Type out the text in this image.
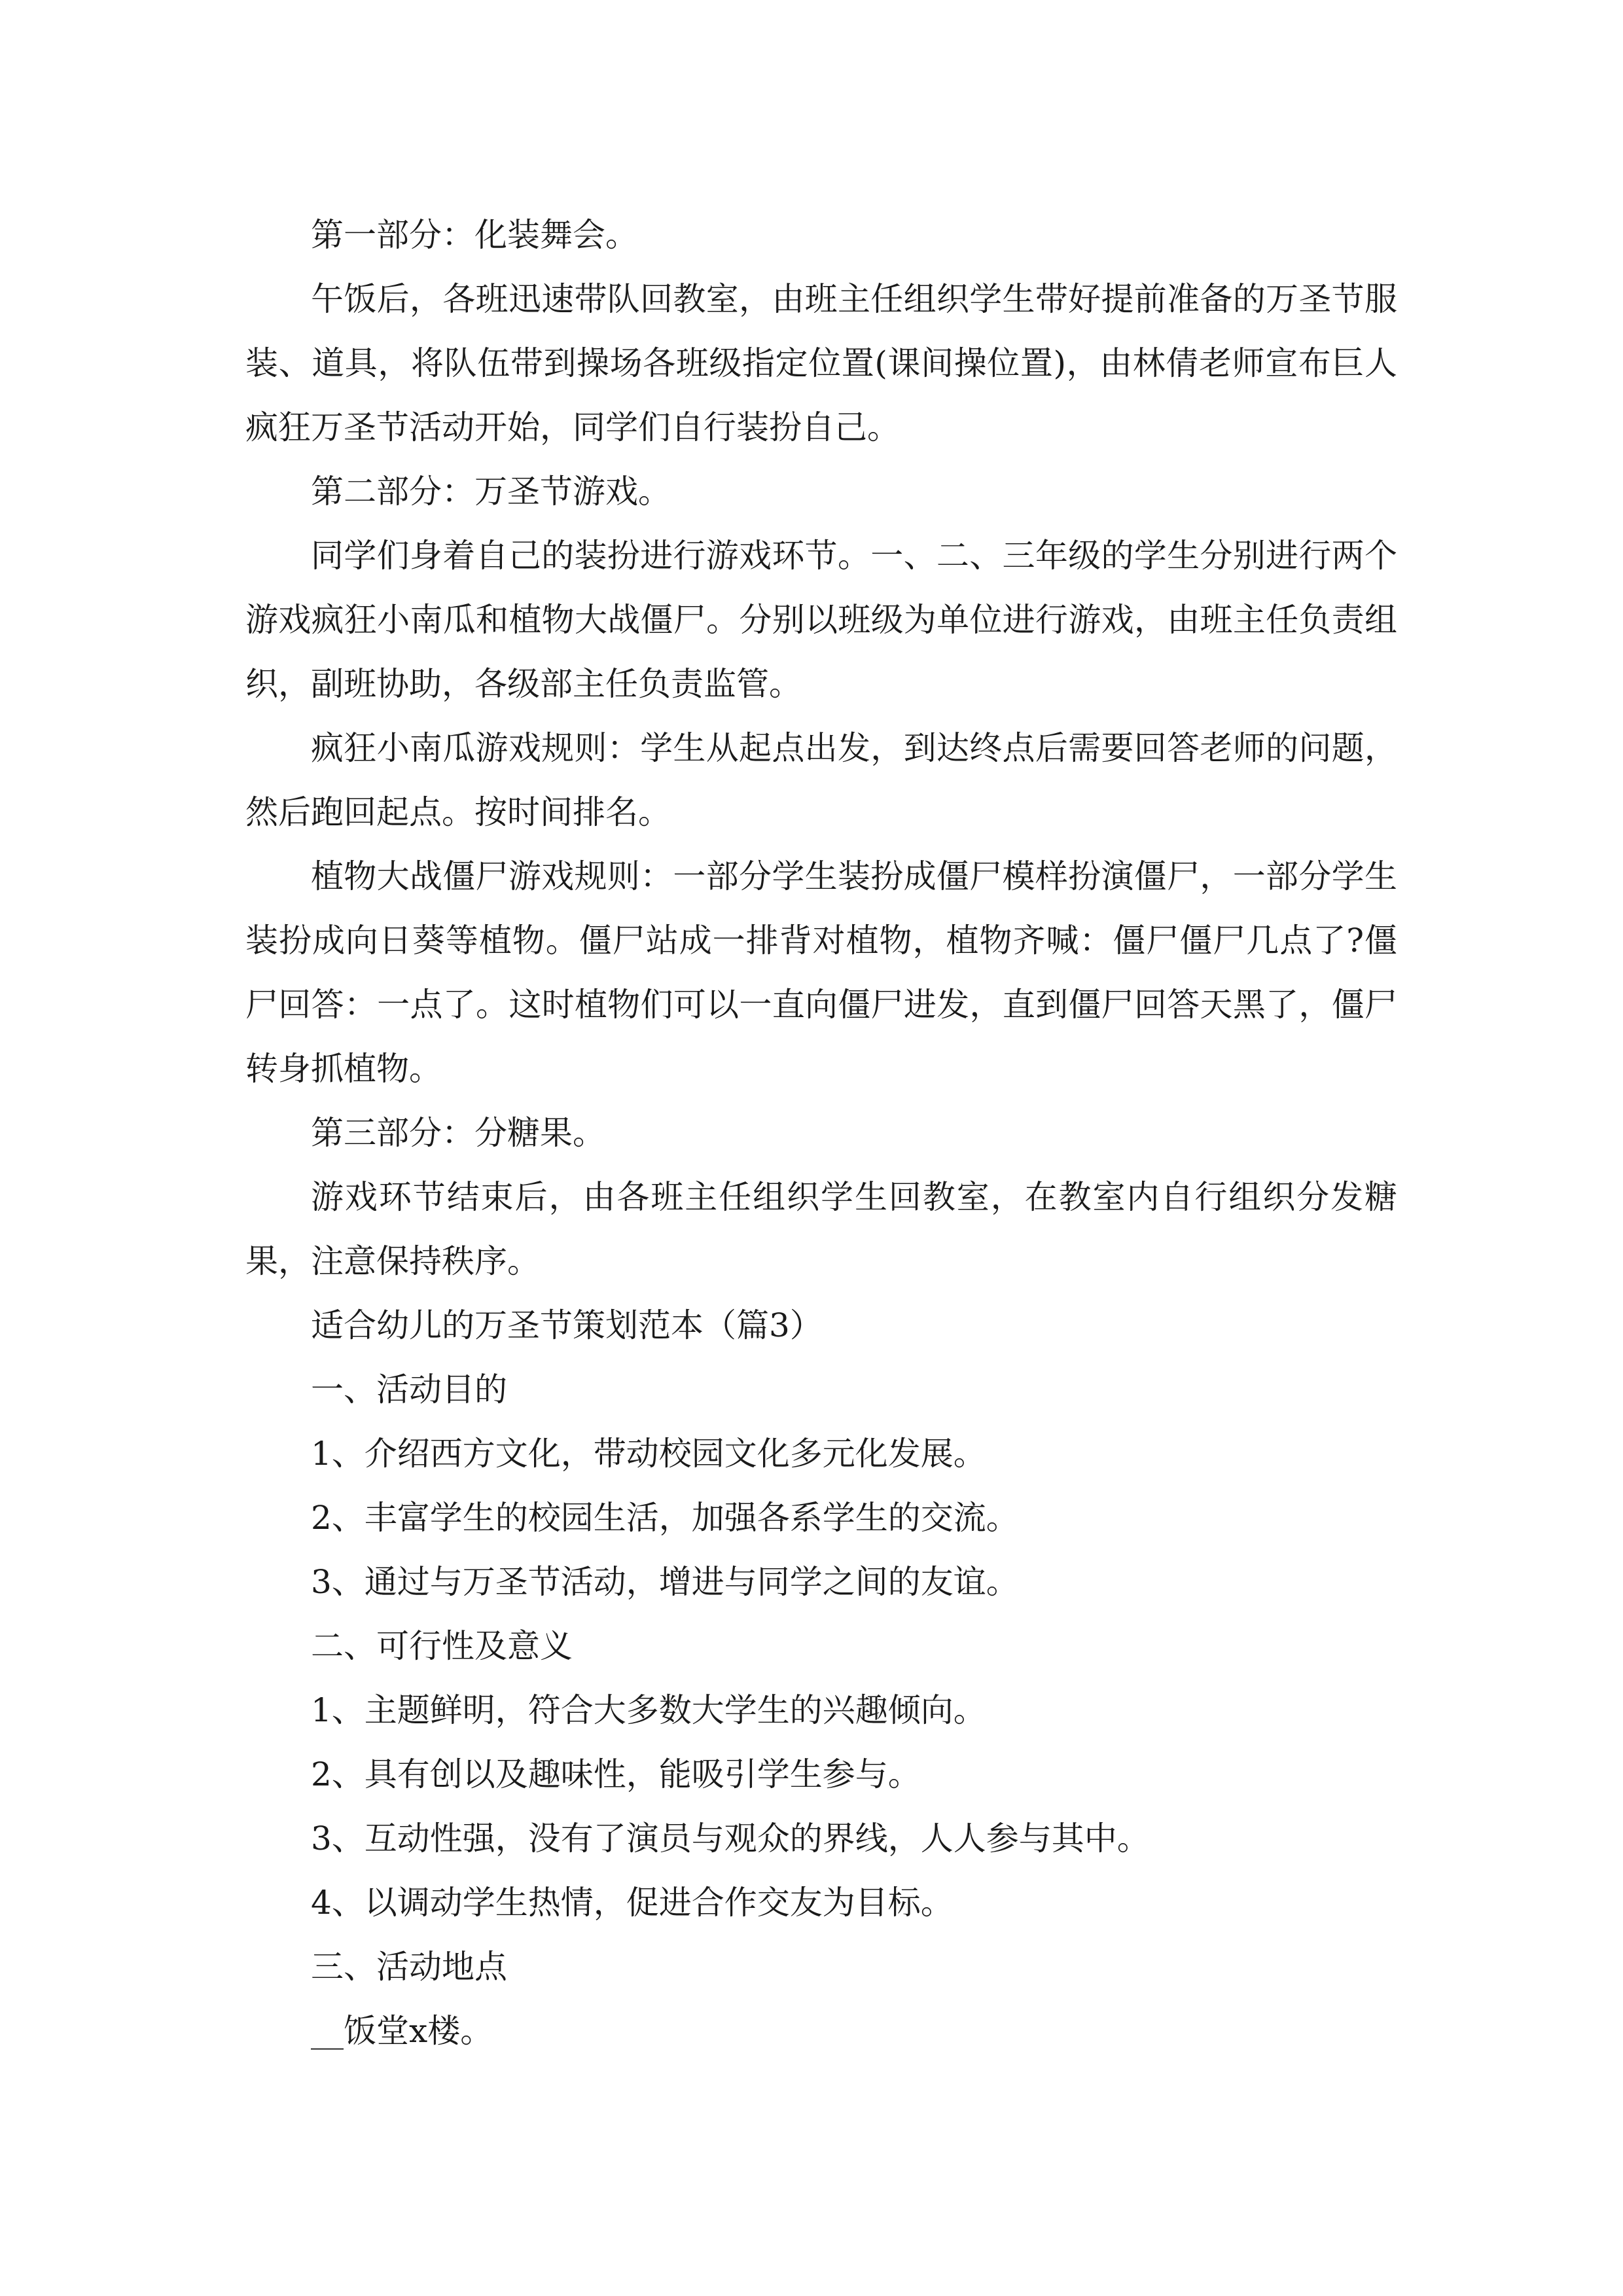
第一部分：化装舞会。

午饭后，各班迅速带队回教室，由班主任组织学生带好提前准备的万圣节服装、道具，将队伍带到操场各班级指定位置(课间操位置)，由林倩老师宣布巨人疯狂万圣节活动开始，同学们自行装扮自己。

第二部分：万圣节游戏。

同学们身着自己的装扮进行游戏环节。一、二、三年级的学生分别进行两个游戏疯狂小南瓜和植物大战僵尸。分别以班级为单位进行游戏，由班主任负责组织，副班协助，各级部主任负责监管。

疯狂小南瓜游戏规则：学生从起点出发，到达终点后需要回答老师的问题，然后跑回起点。按时间排名。

植物大战僵尸游戏规则：一部分学生装扮成僵尸模样扮演僵尸，一部分学生装扮成向日葵等植物。僵尸站成一排背对植物，植物齐喊：僵尸僵尸几点了?僵尸回答：一点了。这时植物们可以一直向僵尸进发，直到僵尸回答天黑了，僵尸转身抓植物。

第三部分：分糖果。

游戏环节结束后，由各班主任组织学生回教室，在教室内自行组织分发糖果，注意保持秩序。

适合幼儿的万圣节策划范本（篇3）

一、活动目的

1、介绍西方文化，带动校园文化多元化发展。

2、丰富学生的校园生活，加强各系学生的交流。

3、通过与万圣节活动，增进与同学之间的友谊。

二、可行性及意义

1、主题鲜明，符合大多数大学生的兴趣倾向。

2、具有创以及趣味性，能吸引学生参与。

3、互动性强，没有了演员与观众的界线，人人参与其中。

4、以调动学生热情，促进合作交友为目标。

三、活动地点

__饭堂x楼。
